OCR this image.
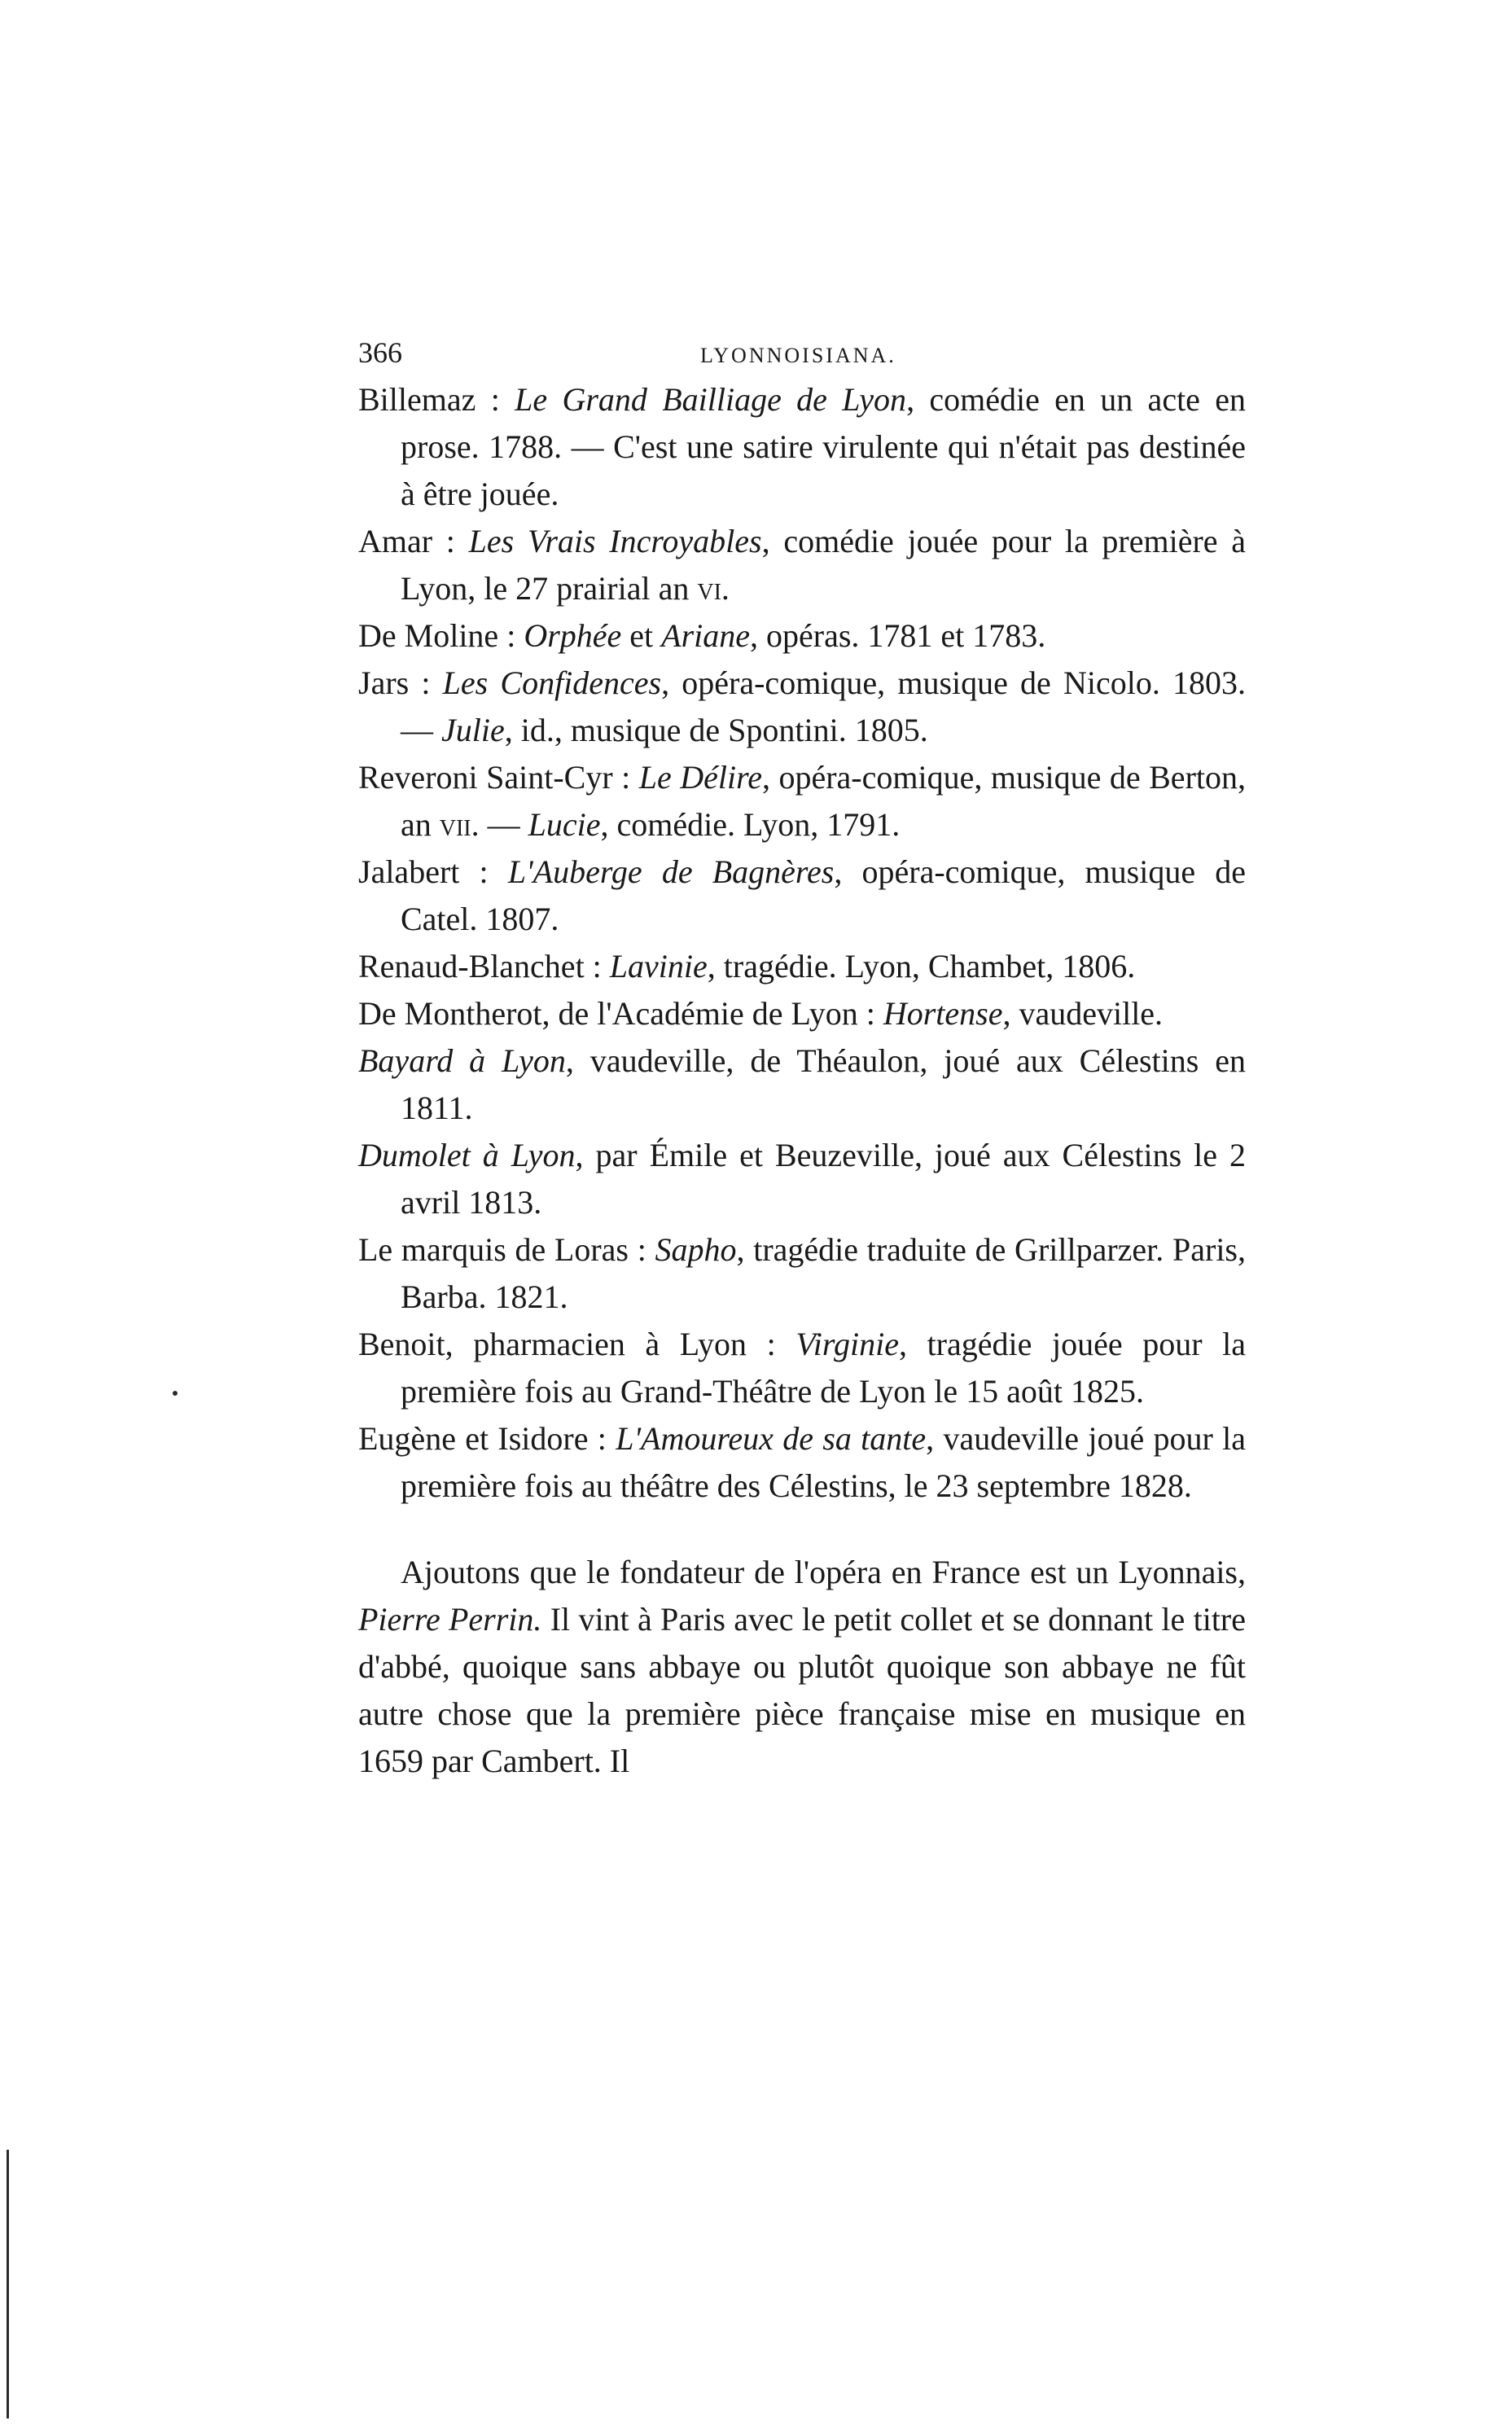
366	LYONNOISIANA.

Billemaz : Le Grand Bailliage de Lyon, comédie en un acte en prose. 1788. — C'est une satire virulente qui n'était pas destinée à être jouée.

Amar : Les Vrais Incroyables, comédie jouée pour la première à Lyon, le 27 prairial an vi.

De Moline : Orphée et Ariane, opéras. 1781 et 1783.

Jars : Les Confidences, opéra-comique, musique de Nicolo. 1803. — Julie, id., musique de Spontini. 1805.

Reveroni Saint-Cyr : Le Délire, opéra-comique, musique de Berton, an vii. — Lucie, comédie. Lyon, 1791.

Jalabert : L'Auberge de Bagnères, opéra-comique, musique de Catel. 1807.

Renaud-Blanchet : Lavinie, tragédie. Lyon, Chambet, 1806.

De Montherot, de l'Académie de Lyon : Hortense, vaudeville.

Bayard à Lyon, vaudeville, de Théaulon, joué aux Célestins en 1811.

Dumolet à Lyon, par Émile et Beuzeville, joué aux Célestins le 2 avril 1813.

Le marquis de Loras : Sapho, tragédie traduite de Grillparzer. Paris, Barba. 1821.

Benoit, pharmacien à Lyon : Virginie, tragédie jouée pour la première fois au Grand-Théâtre de Lyon le 15 août 1825.

Eugène et Isidore : L'Amoureux de sa tante, vaudeville joué pour la première fois au théâtre des Célestins, le 23 septembre 1828.

Ajoutons que le fondateur de l'opéra en France est un Lyonnais, Pierre Perrin. Il vint à Paris avec le petit collet et se donnant le titre d'abbé, quoique sans abbaye ou plutôt quoique son abbaye ne fût autre chose que la première pièce française mise en musique en 1659 par Cambert. Il
